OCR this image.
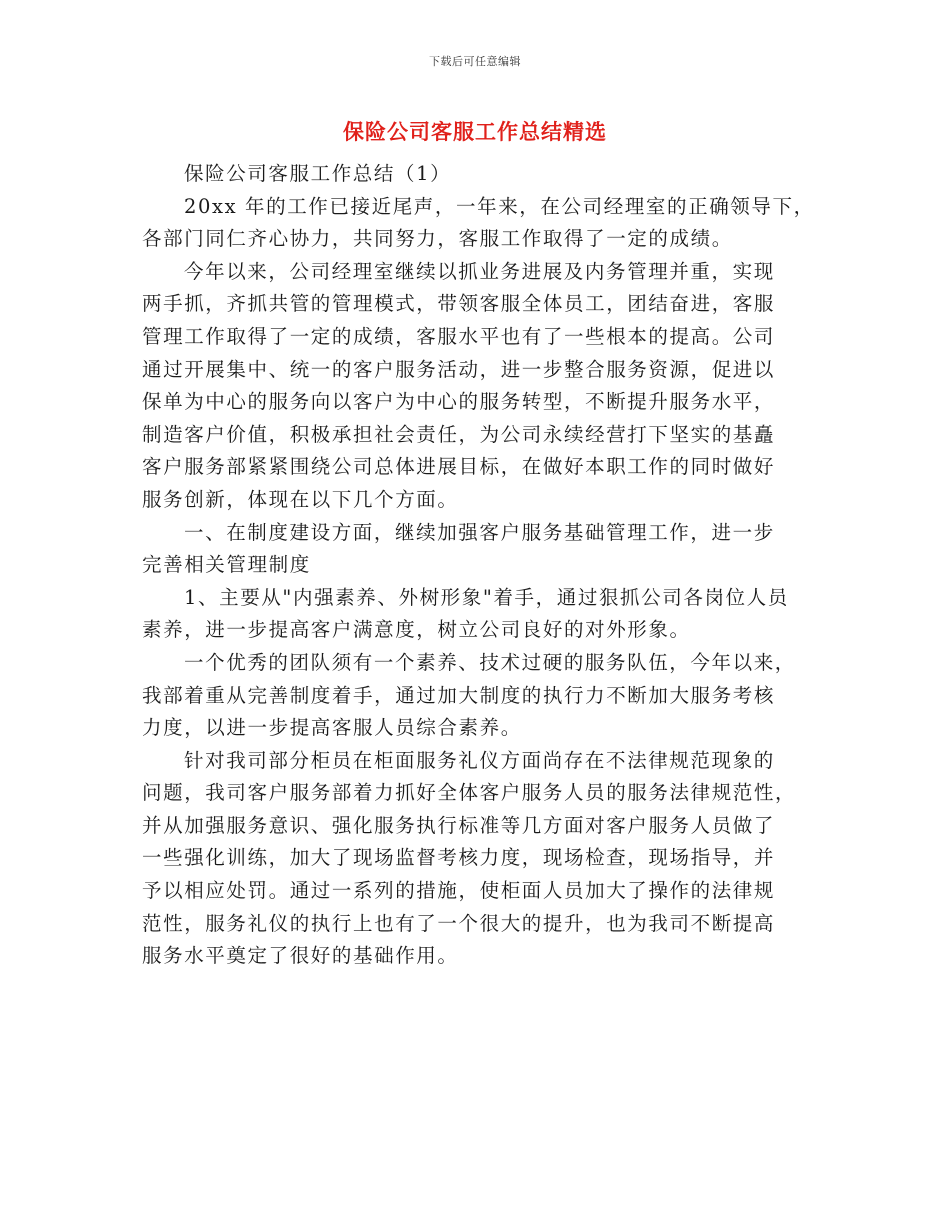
下载后可任意编辑
保险公司客服工作总结精选
保险公司客服工作总结（1）
20xx 年的工作已接近尾声，一年来，在公司经理室的正确领导下，
各部门同仁齐心协力，共同努力，客服工作取得了一定的成绩。
今年以来，公司经理室继续以抓业务进展及内务管理并重，实现
两手抓，齐抓共管的管理模式，带领客服全体员工，团结奋进，客服
管理工作取得了一定的成绩，客服水平也有了一些根本的提高。公司
通过开展集中、统一的客户服务活动，进一步整合服务资源，促进以
保单为中心的服务向以客户为中心的服务转型，不断提升服务水平，
制造客户价值，积极承担社会责任，为公司永续经营打下坚实的基矗
客户服务部紧紧围绕公司总体进展目标，在做好本职工作的同时做好
服务创新，体现在以下几个方面。
一、在制度建设方面，继续加强客户服务基础管理工作，进一步
完善相关管理制度
1、主要从"内强素养、外树形象"着手，通过狠抓公司各岗位人员
素养，进一步提高客户满意度，树立公司良好的对外形象。
一个优秀的团队须有一个素养、技术过硬的服务队伍，今年以来，
我部着重从完善制度着手，通过加大制度的执行力不断加大服务考核
力度，以进一步提高客服人员综合素养。
针对我司部分柜员在柜面服务礼仪方面尚存在不法律规范现象的
问题，我司客户服务部着力抓好全体客户服务人员的服务法律规范性，
并从加强服务意识、强化服务执行标准等几方面对客户服务人员做了
一些强化训练，加大了现场监督考核力度，现场检查，现场指导，并
予以相应处罚。通过一系列的措施，使柜面人员加大了操作的法律规
范性，服务礼仪的执行上也有了一个很大的提升，也为我司不断提高
服务水平奠定了很好的基础作用。
